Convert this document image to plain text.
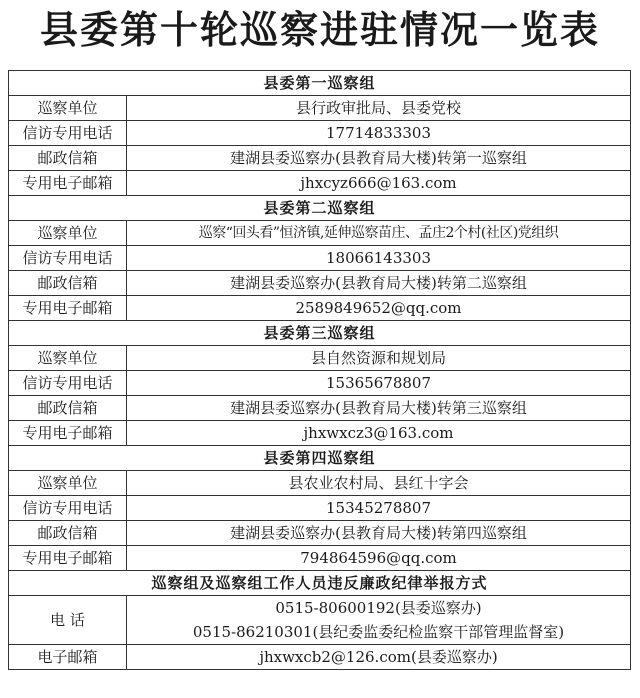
县委第十轮巡察进驻情况一览表
县委第一巡察组	
巡察单位	县行政审批局、县委党校
信访专用电话	17714833303
邮政信箱	建湖县委巡察办(县教育局大楼)转第一巡察组
专用电子邮箱	jhxcyz666@163.com
县委第二巡察组	
巡察单位	巡察“回头看”恒济镇,延伸巡察苗庄、孟庄2个村(社区)党组织
信访专用电话	18066143303
邮政信箱	建湖县委巡察办(县教育局大楼)转第二巡察组
专用电子邮箱	2589849652@qq.com
县委第三巡察组	
巡察单位	县自然资源和规划局
信访专用电话	15365678807
邮政信箱	建湖县委巡察办(县教育局大楼)转第三巡察组
专用电子邮箱	jhxwxcz3@163.com
县委第四巡察组	
巡察单位	县农业农村局、县红十字会
信访专用电话	15345278807
邮政信箱	建湖县委巡察办(县教育局大楼)转第四巡察组
专用电子邮箱	794864596@qq.com
巡察组及巡察组工作人员违反廉政纪律举报方式	
电 话	0515-80600192(县委巡察办)
0515-86210301(县纪委监委纪检监察干部管理监督室)

电子邮箱	jhxwxcb2@126.com(县委巡察办)
